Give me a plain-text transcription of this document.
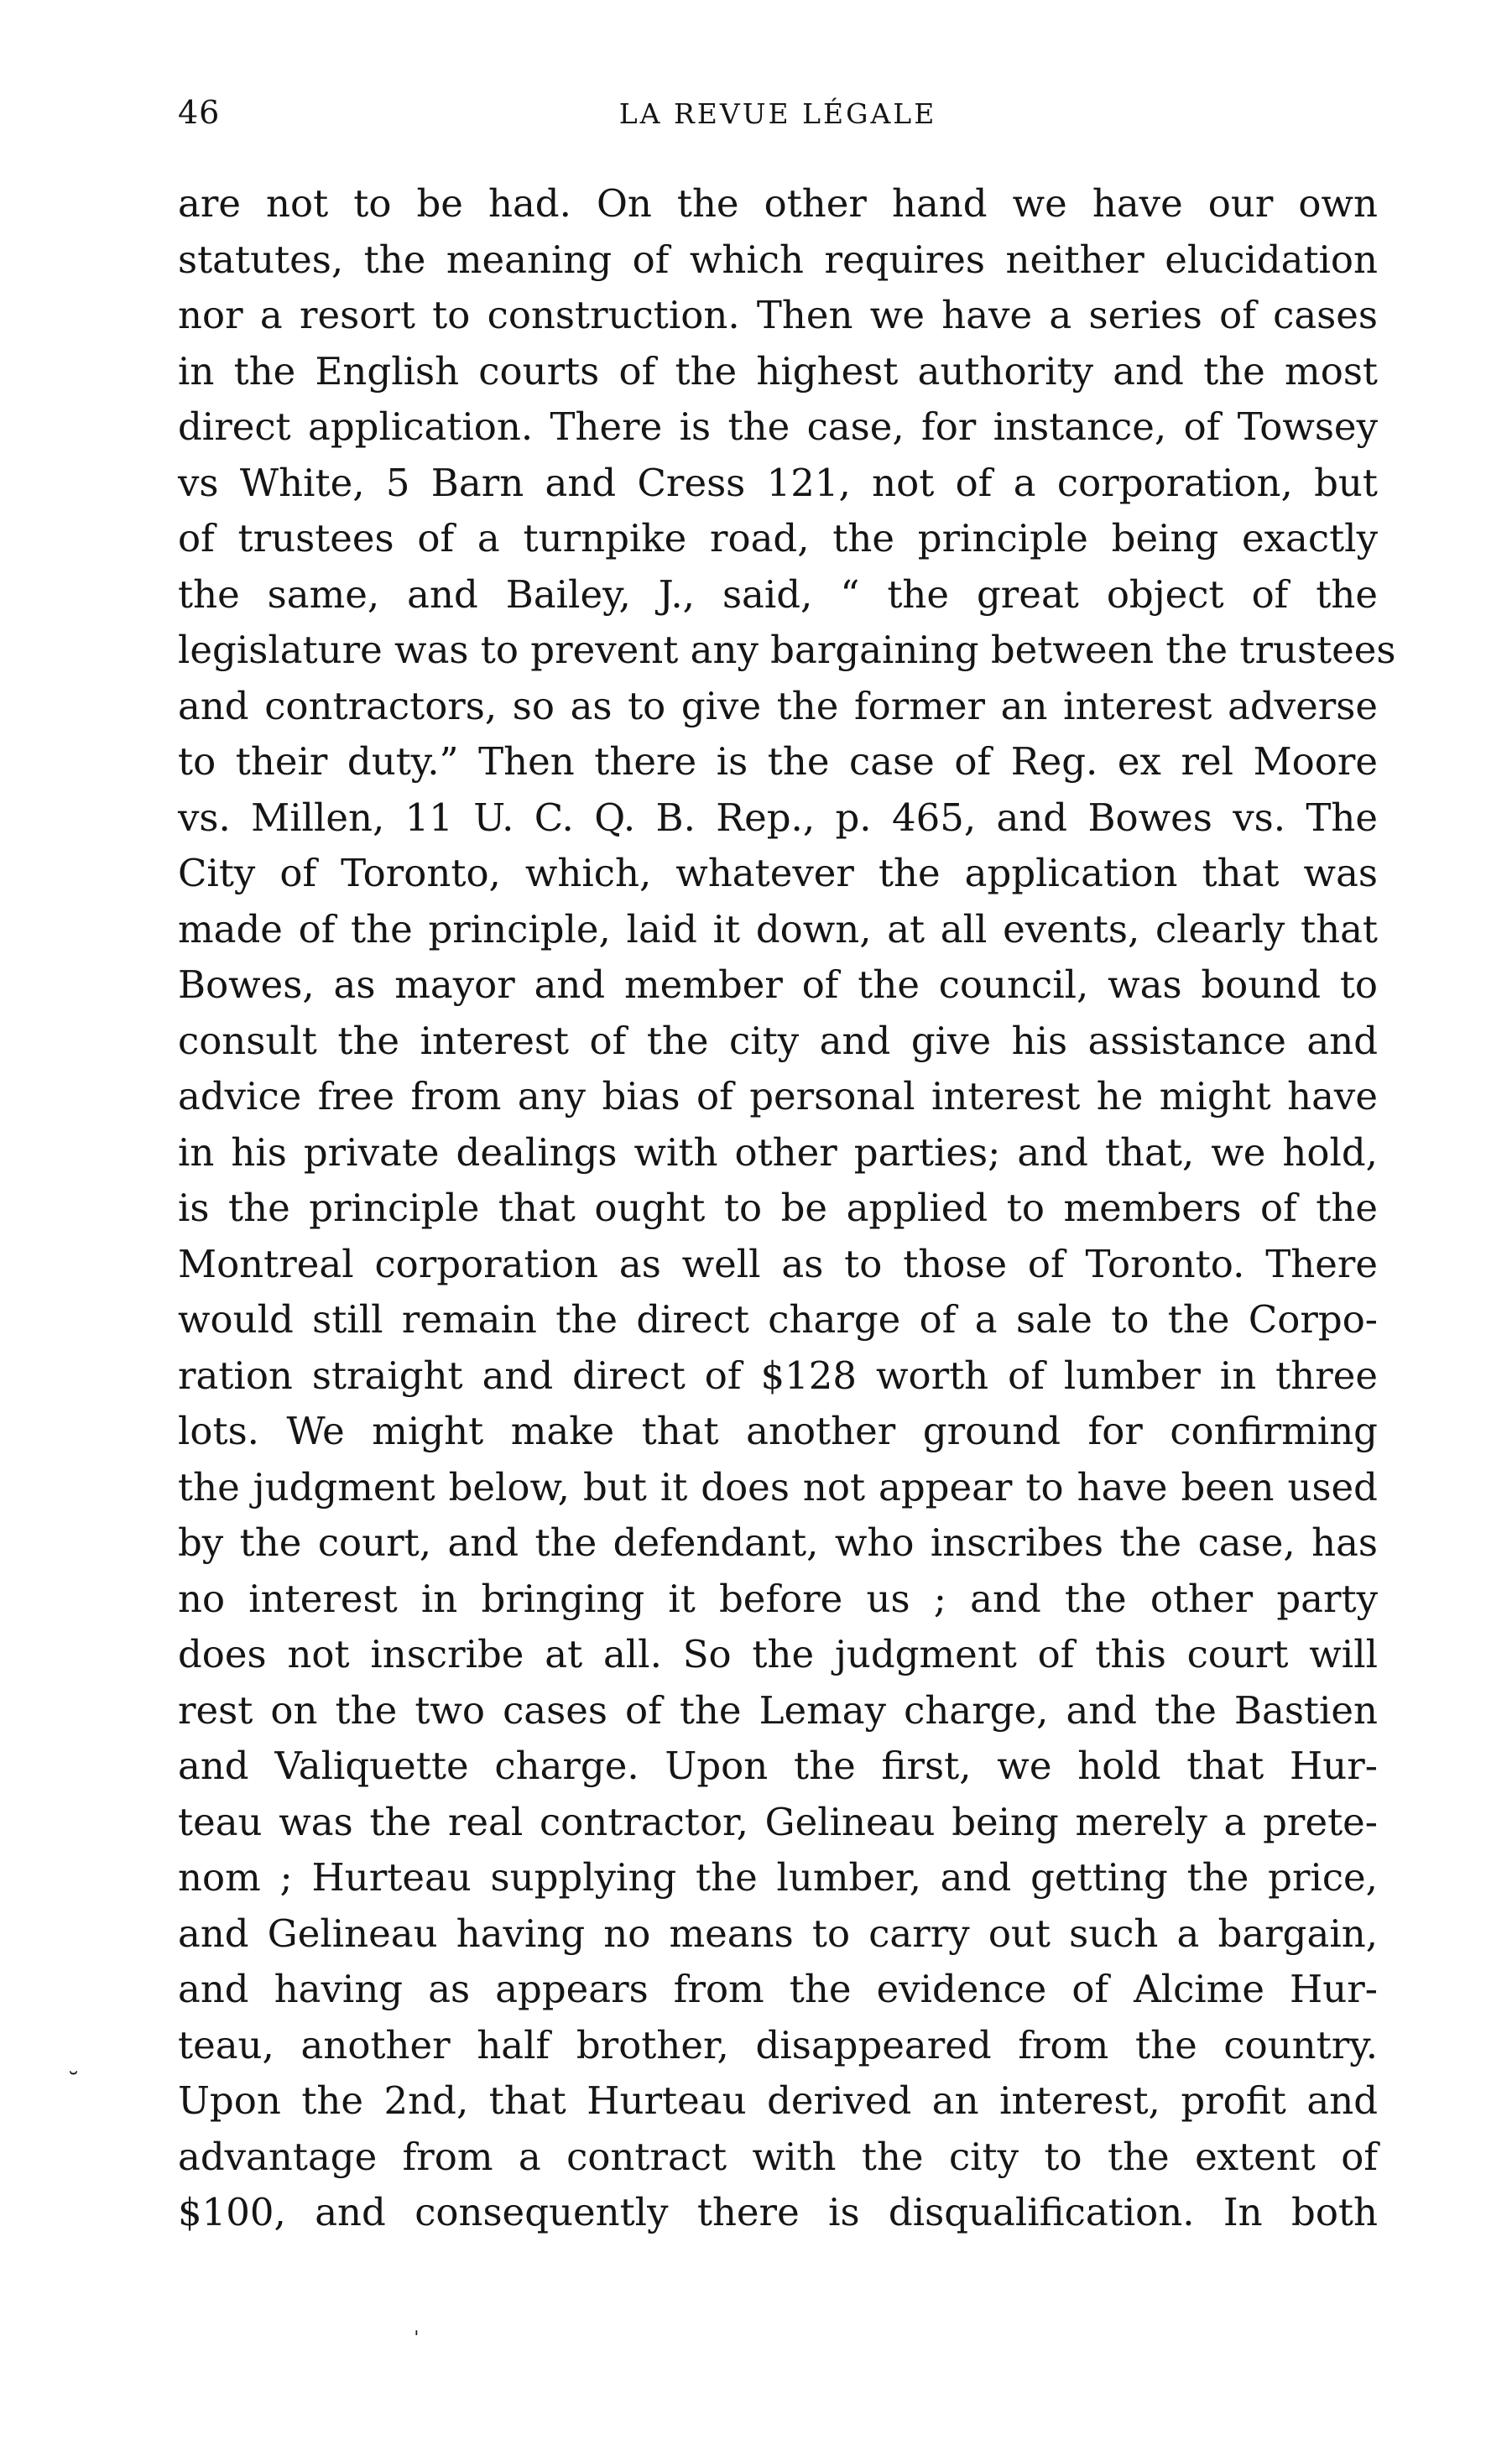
46	LA REVUE LÉGALE
are not to be had. On the other hand we have our own
statutes, the meaning of which requires neither elucidation
nor a resort to construction. Then we have a series of cases
in the English courts of the highest authority and the most
direct application. There is the case, for instance, of Towsey
vs White, 5 Barn and Cress 121, not of a corporation, but
of trustees of a turnpike road, the principle being exactly
the same, and Bailey, J., said, “ the great object of the
legislature was to prevent any bargaining between the trustees
and contractors, so as to give the former an interest adverse
to their duty.” Then there is the case of Reg. ex rel Moore
vs. Millen, 11 U. C. Q. B. Rep., p. 465, and Bowes vs. The
City of Toronto, which, whatever the application that was
made of the principle, laid it down, at all events, clearly that
Bowes, as mayor and member of the council, was bound to
consult the interest of the city and give his assistance and
advice free from any bias of personal interest he might have
in his private dealings with other parties; and that, we hold,
is the principle that ought to be applied to members of the
Montreal corporation as well as to those of Toronto. There
would still remain the direct charge of a sale to the Corpo-
ration straight and direct of $128 worth of lumber in three
lots. We might make that another ground for confirming
the judgment below, but it does not appear to have been used
by the court, and the defendant, who inscribes the case, has
no interest in bringing it before us ; and the other party
does not inscribe at all. So the judgment of this court will
rest on the two cases of the Lemay charge, and the Bastien
and Valiquette charge. Upon the first, we hold that Hur-
teau was the real contractor, Gelineau being merely a prete-
nom ; Hurteau supplying the lumber, and getting the price,
and Gelineau having no means to carry out such a bargain,
and having as appears from the evidence of Alcime Hur-
teau, another half brother, disappeared from the country.
Upon the 2nd, that Hurteau derived an interest, profit and
advantage from a contract with the city to the extent of
$100, and consequently there is disqualification. In both
˘
ˌ
